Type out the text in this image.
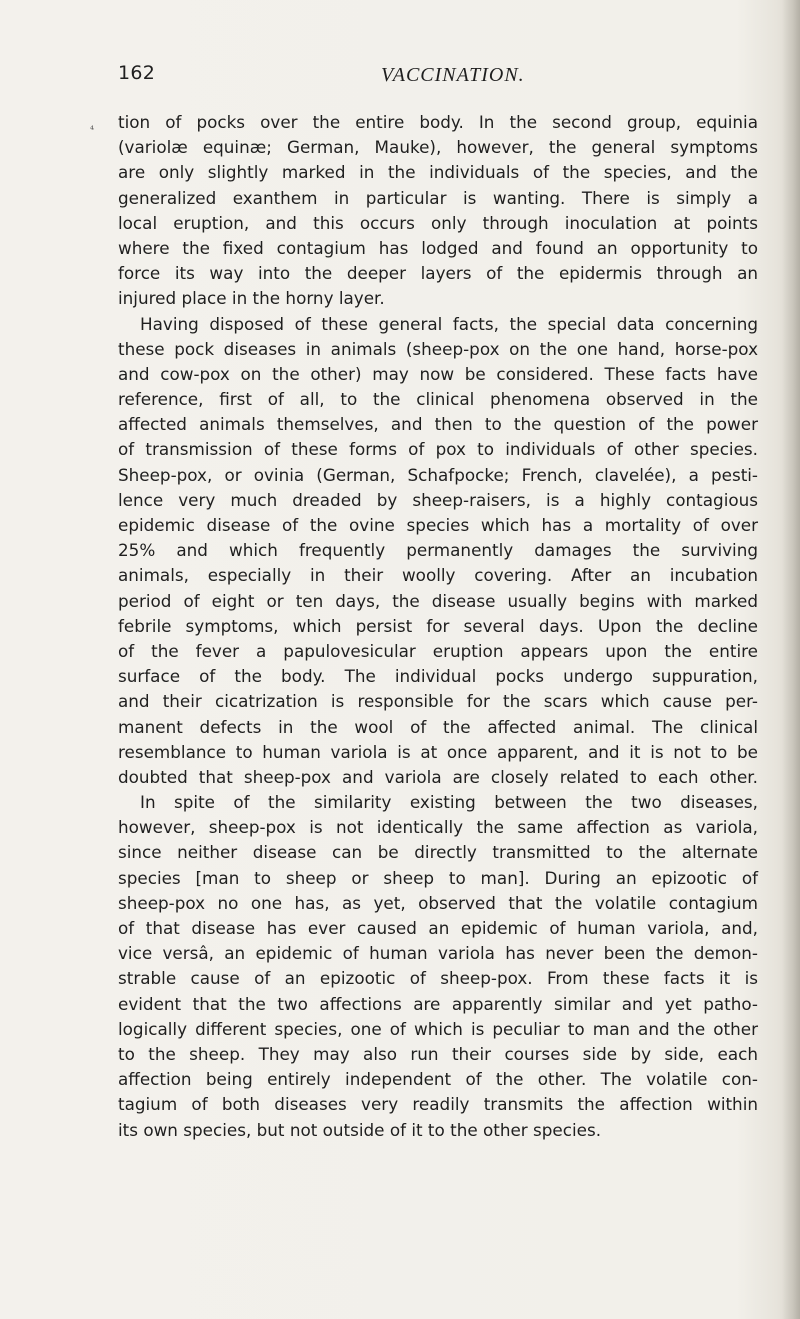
162	VACCINATION.
⁴ tion of pocks over the entire body. In the second group, equinia
(variolæ equinæ; German, Mauke), however, the general symptoms
are only slightly marked in the individuals of the species, and the
generalized exanthem in particular is wanting. There is simply a
local eruption, and this occurs only through inoculation at points
where the fixed contagium has lodged and found an opportunity to
force its way into the deeper layers of the epidermis through an
injured place in the horny layer.
Having disposed of these general facts, the special data concerning
these pock diseases in animals (sheep-pox on the one hand, horse-pox
and cow-pox on the other) may now be considered. These facts have
reference, first of all, to the clinical phenomena observed in the
affected animals themselves, and then to the question of the power
of transmission of these forms of pox to individuals of other species.
Sheep-pox, or ovinia (German, Schafpocke; French, clavelée), a pesti-
lence very much dreaded by sheep-raisers, is a highly contagious
epidemic disease of the ovine species which has a mortality of over
25% and which frequently permanently damages the surviving
animals, especially in their woolly covering. After an incubation
period of eight or ten days, the disease usually begins with marked
febrile symptoms, which persist for several days. Upon the decline
of the fever a papulovesicular eruption appears upon the entire
surface of the body. The individual pocks undergo suppuration,
and their cicatrization is responsible for the scars which cause per-
manent defects in the wool of the affected animal. The clinical
resemblance to human variola is at once apparent, and it is not to be
doubted that sheep-pox and variola are closely related to each other.
In spite of the similarity existing between the two diseases,
however, sheep-pox is not identically the same affection as variola,
since neither disease can be directly transmitted to the alternate
species [man to sheep or sheep to man]. During an epizootic of
sheep-pox no one has, as yet, observed that the volatile contagium
of that disease has ever caused an epidemic of human variola, and,
vice versâ, an epidemic of human variola has never been the demon-
strable cause of an epizootic of sheep-pox. From these facts it is
evident that the two affections are apparently similar and yet patho-
logically different species, one of which is peculiar to man and the other
to the sheep. They may also run their courses side by side, each
affection being entirely independent of the other. The volatile con-
tagium of both diseases very readily transmits the affection within
its own species, but not outside of it to the other species.
